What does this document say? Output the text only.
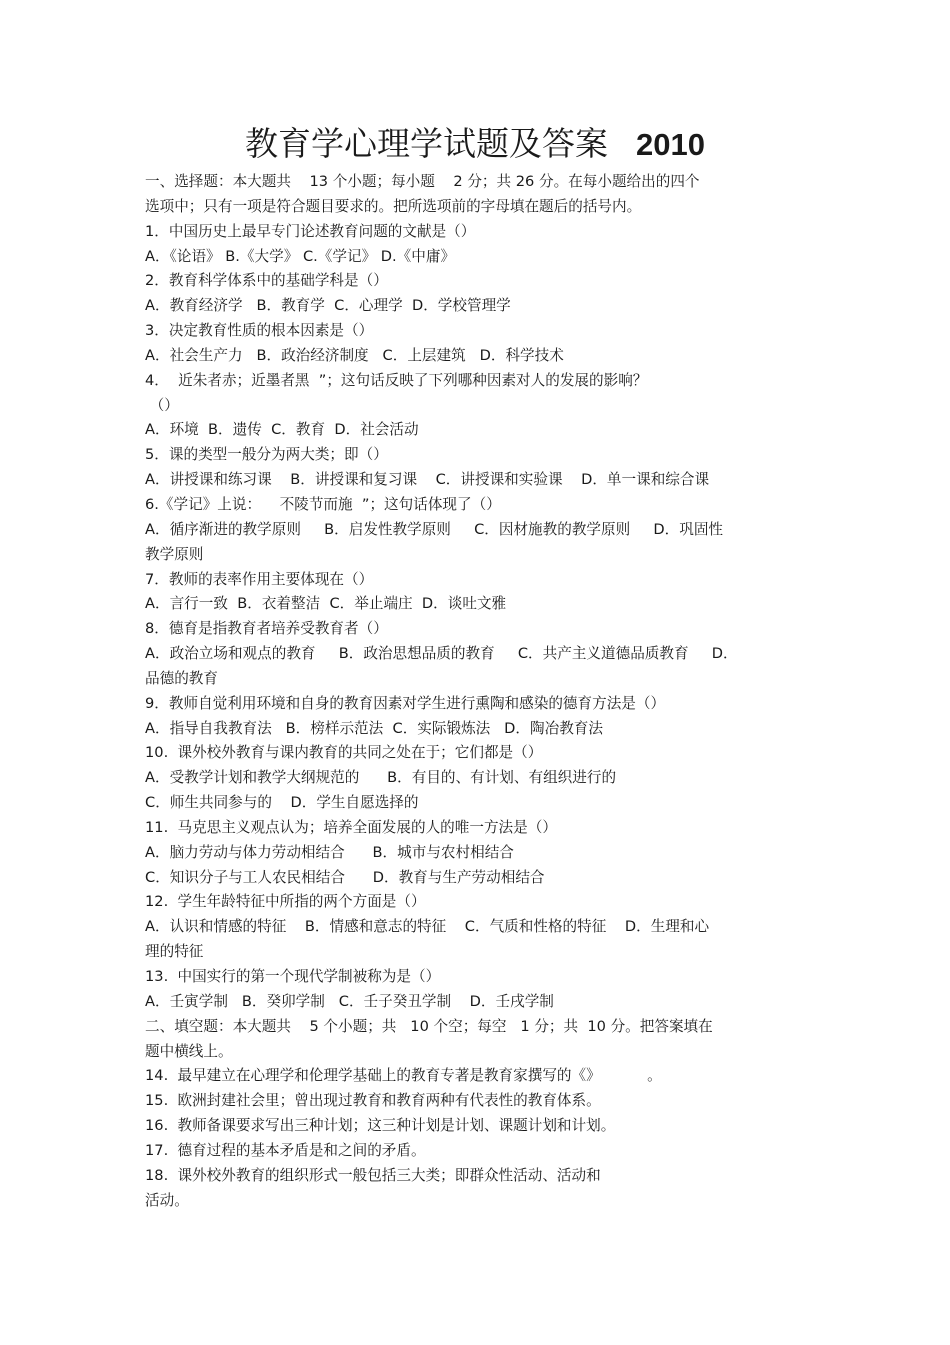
教育学心理学试题及答案 2010
一、选择题：本大题共    13 个小题；每小题    2 分；共 26 分。在每小题给出的四个
选项中；只有一项是符合题目要求的。把所选项前的字母填在题后的括号内。
1．中国历史上最早专门论述教育问题的文献是（）
A．《论语》 B.《大学》 C.《学记》 D.《中庸》
2．教育科学体系中的基础学科是（）
A．教育经济学   B．教育学  C．心理学  D．学校管理学
3．决定教育性质的根本因素是（）
A．社会生产力   B．政治经济制度   C．上层建筑   D．科学技术
4．  近朱者赤；近墨者黑  ”；这句话反映了下列哪种因素对人的发展的影响？
（）
A．环境  B．遗传  C．教育  D．社会活动
5．课的类型一般分为两大类；即（）
A．讲授课和练习课    B．讲授课和复习课    C．讲授课和实验课    D．单一课和综合课
6.《学记》上说：    不陵节而施  ”；这句话体现了（）
A．循序渐进的教学原则     B．启发性教学原则     C．因材施教的教学原则     D．巩固性
教学原则
7．教师的表率作用主要体现在（）
A．言行一致  B．衣着整洁  C．举止端庄  D．谈吐文雅
8．德育是指教育者培养受教育者（）
A．政治立场和观点的教育     B．政治思想品质的教育     C．共产主义道德品质教育     D．
品德的教育
9．教师自觉利用环境和自身的教育因素对学生进行熏陶和感染的德育方法是（）
A．指导自我教育法   B．榜样示范法  C．实际锻炼法   D．陶冶教育法
10.  课外校外教育与课内教育的共同之处在于；它们都是（）
A．受教学计划和教学大纲规范的      B．有目的、有计划、有组织进行的
C．师生共同参与的    D．学生自愿选择的
11.  马克思主义观点认为；培养全面发展的人的唯一方法是（）
A．脑力劳动与体力劳动相结合      B．城市与农村相结合
C．知识分子与工人农民相结合      D．教育与生产劳动相结合
12.  学生年龄特征中所指的两个方面是（）
A．认识和情感的特征    B．情感和意志的特征    C．气质和性格的特征    D．生理和心
理的特征
13.  中国实行的第一个现代学制被称为是（）
A．壬寅学制   B．癸卯学制   C．壬子癸丑学制    D．壬戌学制
二、填空题：本大题共    5 个小题；共   10 个空；每空   1 分；共  10 分。把答案填在
题中横线上。
14.  最早建立在心理学和伦理学基础上的教育专著是教育家撰写的《》          。
15.  欧洲封建社会里；曾出现过教育和教育两种有代表性的教育体系。
16.  教师备课要求写出三种计划；这三种计划是计划、课题计划和计划。
17.  德育过程的基本矛盾是和之间的矛盾。
18.  课外校外教育的组织形式一般包括三大类；即群众性活动、活动和
活动。
